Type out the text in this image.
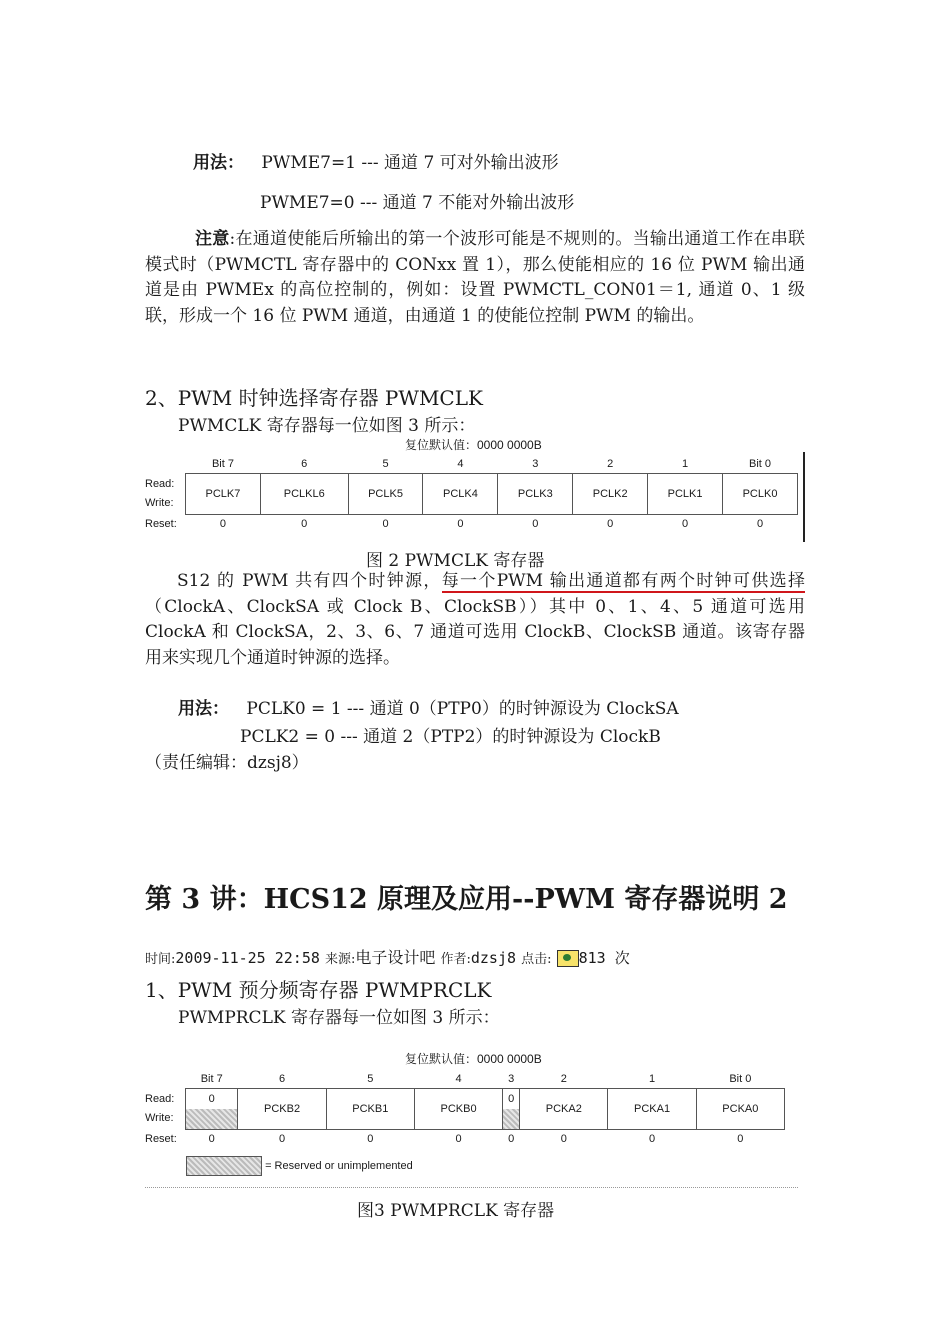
用法： PWME7=1 --- 通道 7 可对外输出波形
PWME7=0 --- 通道 7 不能对外输出波形
注意:在通道使能后所输出的第一个波形可能是不规则的。当输出通道工作在串联模式时（PWMCTL 寄存器中的 CONxx 置 1），那么使能相应的 16 位 PWM 输出通道是由 PWMEx 的高位控制的，例如：设置 PWMCTL_CON01＝1, 通道 0、1 级联，形成一个 16 位 PWM 通道，由通道 1 的使能位控制 PWM 的输出。
2、PWM 时钟选择寄存器 PWMCLK
PWMCLK 寄存器每一位如图 3 所示：
复位默认值：0000 0000B
	Bit 7	6	5	4	3	2	1	Bit 0
Read:
Write:	PCLK7	PCLKL6	PCLK5	PCLK4	PCLK3	PCLK2	PCLK1	PCLK0
Reset:	0	0	0	0	0	0	0	0
图 2 PWMCLK 寄存器
S12 的 PWM 共有四个时钟源，每一个PWM 输出通道都有两个时钟可供选择（ClockA、ClockSA 或 Clock B、ClockSB））其中 0、1、4、5 通道可选用 ClockA 和 ClockSA，2、3、6、7 通道可选用 ClockB、ClockSB 通道。该寄存器用来实现几个通道时钟源的选择。
用法： PCLK0 = 1 --- 通道 0（PTP0）的时钟源设为 ClockSA
PCLK2 = 0 --- 通道 2（PTP2）的时钟源设为 ClockB
（责任编辑：dzsj8）
第 3 讲：HCS12 原理及应用--PWM 寄存器说明 2
时间:2009-11-25 22:58 来源:电子设计吧 作者:dzsj8 点击: 813 次
1、PWM 预分频寄存器 PWMPRCLK
PWMPRCLK 寄存器每一位如图 3 所示：
复位默认值：0000 0000B
	Bit 7	6	5	4	3	2	1	Bit 0
Read:
Write:	0	PCKB2	PCKB1	PCKB0	0	PCKA2	PCKA1	PCKA0
Reset:	0	0	0	0	0	0	0	0
= Reserved or unimplemented
图3 PWMPRCLK 寄存器
